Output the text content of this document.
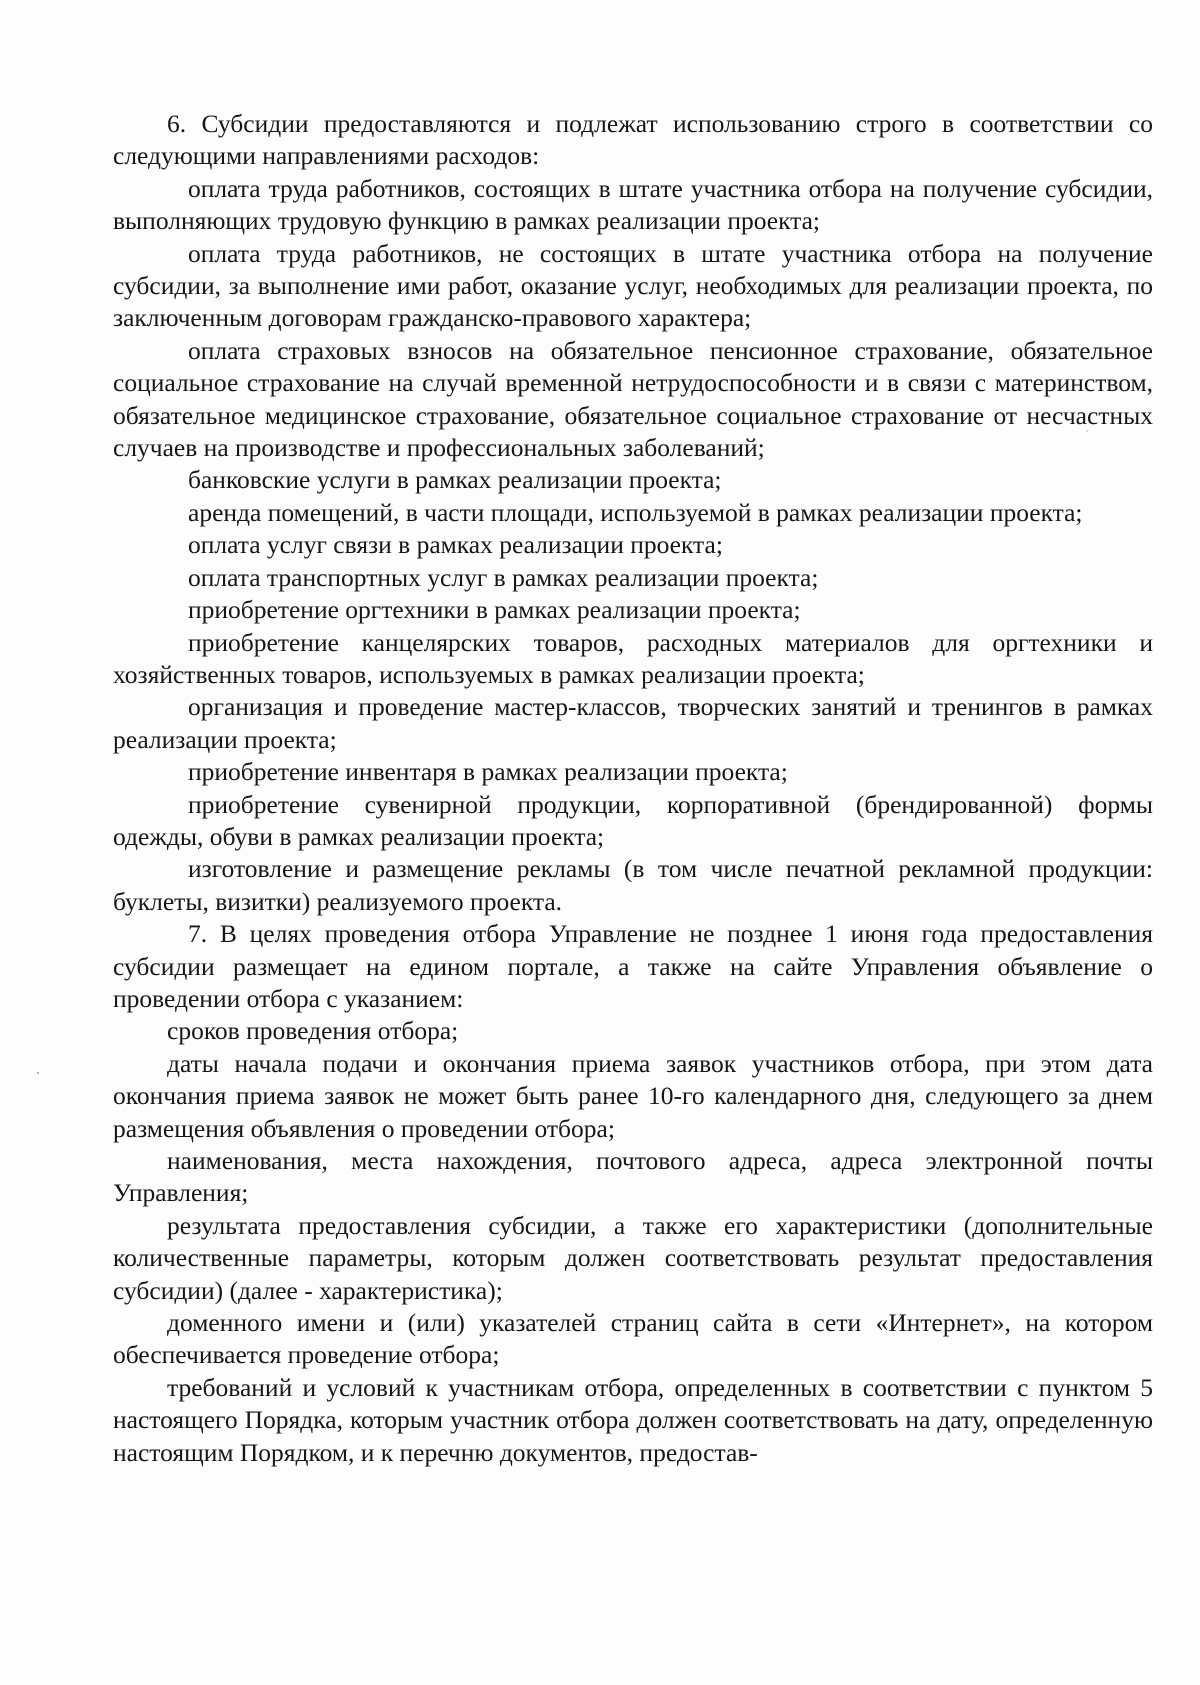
6. Субсидии предоставляются и подлежат использованию строго в соответствии со следующими направлениями расходов:

оплата труда работников, состоящих в штате участника отбора на получение субсидии, выполняющих трудовую функцию в рамках реализации проекта;

оплата труда работников, не состоящих в штате участника отбора на получение субсидии, за выполнение ими работ, оказание услуг, необходимых для реализации проекта, по заключенным договорам гражданско-правового характера;

оплата страховых взносов на обязательное пенсионное страхование, обязательное социальное страхование на случай временной нетрудоспособности и в связи с материнством, обязательное медицинское страхование, обязательное социальное страхование от несчастных случаев на производстве и профессиональных заболеваний;

банковские услуги в рамках реализации проекта;

аренда помещений, в части площади, используемой в рамках реализации проекта;

оплата услуг связи в рамках реализации проекта;

оплата транспортных услуг в рамках реализации проекта;

приобретение оргтехники в рамках реализации проекта;

приобретение канцелярских товаров, расходных материалов для оргтехники и хозяйственных товаров, используемых в рамках реализации проекта;

организация и проведение мастер-классов, творческих занятий и тренингов в рамках реализации проекта;

приобретение инвентаря в рамках реализации проекта;

приобретение сувенирной продукции, корпоративной (брендированной) формы одежды, обуви в рамках реализации проекта;

изготовление и размещение рекламы (в том числе печатной рекламной продукции: буклеты, визитки) реализуемого проекта.

7. В целях проведения отбора Управление не позднее 1 июня года предоставления субсидии размещает на едином портале, а также на сайте Управления объявление о проведении отбора с указанием:

сроков проведения отбора;

даты начала подачи и окончания приема заявок участников отбора, при этом дата окончания приема заявок не может быть ранее 10-го календарного дня, следующего за днем размещения объявления о проведении отбора;

наименования, места нахождения, почтового адреса, адреса электронной почты Управления;

результата предоставления субсидии, а также его характеристики (дополнительные количественные параметры, которым должен соответствовать результат предоставления субсидии) (далее - характеристика);

доменного имени и (или) указателей страниц сайта в сети «Интернет», на котором обеспечивается проведение отбора;

требований и условий к участникам отбора, определенных в соответствии с пунктом 5 настоящего Порядка, которым участник отбора должен соответствовать на дату, определенную настоящим Порядком, и к перечню документов, предостав-
